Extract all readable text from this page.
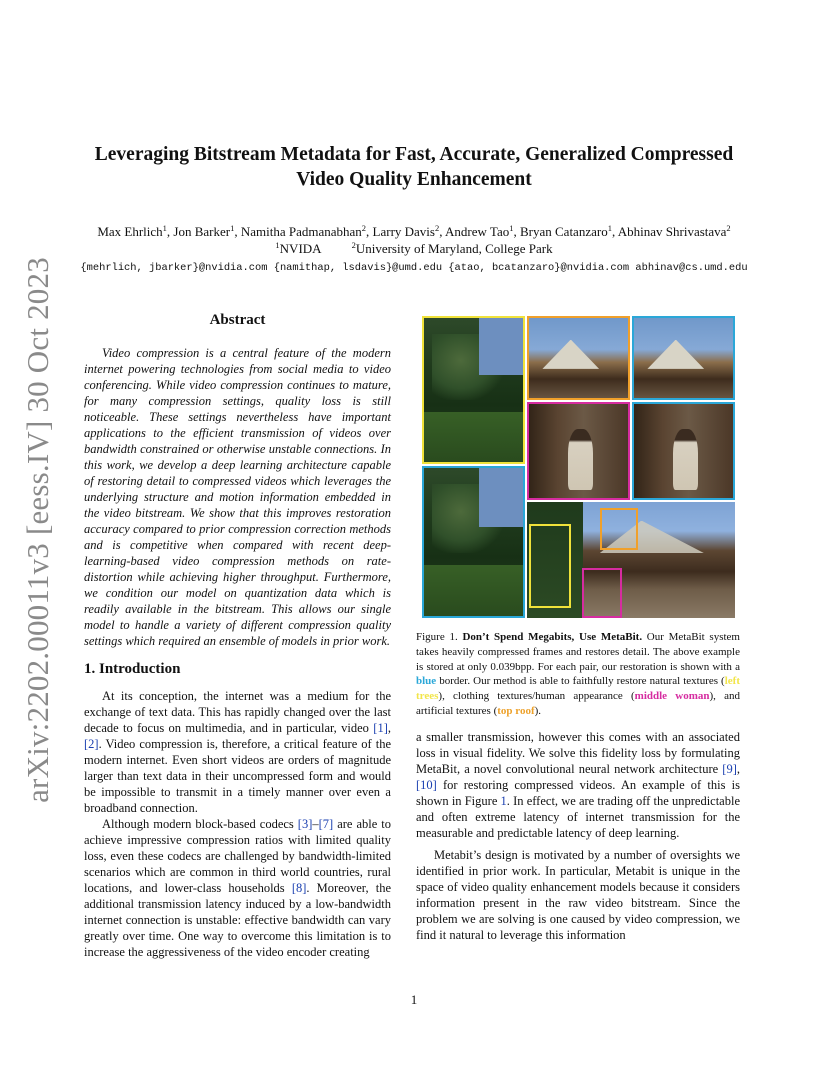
arXiv:2202.00011v3 [eess.IV] 30 Oct 2023
Leveraging Bitstream Metadata for Fast, Accurate, Generalized Compressed
Video Quality Enhancement
Max Ehrlich$^1$, Jon Barker$^1$, Namitha Padmanabhan$^2$, Larry Davis$^2$, Andrew Tao$^1$, Bryan Catanzaro$^1$, Abhinav Shrivastava$^2$
$^1$NVIDA	$^2$University of Maryland, College Park
{mehrlich, jbarker}@nvidia.com {namithap, lsdavis}@umd.edu {atao, bcatanzaro}@nvidia.com abhinav@cs.umd.edu
Abstract

Video compression is a central feature of the modern internet powering technologies from social media to video conferencing. While video compression continues to mature, for many compression settings, quality loss is still noticeable. These settings nevertheless have important applications to the efficient transmission of videos over bandwidth constrained or otherwise unstable connections. In this work, we develop a deep learning architecture capable of restoring detail to compressed videos which leverages the underlying structure and motion information embedded in the video bitstream. We show that this improves restoration accuracy compared to prior compression correction methods and is competitive when compared with recent deep-learning-based video compression methods on rate-distortion while achieving higher throughput. Furthermore, we condition our model on quantization data which is readily available in the bitstream. This allows our single model to handle a variety of different compression quality settings which required an ensemble of models in prior work.

1. Introduction

At its conception, the internet was a medium for the exchange of text data. This has rapidly changed over the last decade to focus on multimedia, and in particular, video [1], [2]. Video compression is, therefore, a critical feature of the modern internet. Even short videos are orders of magnitude larger than text data in their uncompressed form and would be impossible to transmit in a timely manner over even a broadband connection.

Although modern block-based codecs [3]–[7] are able to achieve impressive compression ratios with limited quality loss, even these codecs are challenged by bandwidth-limited scenarios which are common in third world countries, rural locations, and lower-class households [8]. Moreover, the additional transmission latency induced by a low-bandwidth internet connection is unstable: effective bandwidth can vary greatly over time. One way to overcome this limitation is to increase the aggressiveness of the video encoder creating

Figure 1. Don’t Spend Megabits, Use MetaBit. Our MetaBit system takes heavily compressed frames and restores detail. The above example is stored at only 0.039bpp. For each pair, our restoration is shown with a blue border. Our method is able to faithfully restore natural textures (left trees), clothing textures/human appearance (middle woman), and artificial textures (top roof).

a smaller transmission, however this comes with an associated loss in visual fidelity. We solve this fidelity loss by formulating MetaBit, a novel convolutional neural network architecture [9], [10] for restoring compressed videos. An example of this is shown in Figure 1. In effect, we are trading off the unpredictable and often extreme latency of internet transmission for the measurable and predictable latency of deep learning.

Metabit’s design is motivated by a number of oversights we identified in prior work. In particular, Metabit is unique in the space of video quality enhancement models because it considers information present in the raw video bitstream. Since the problem we are solving is one caused by video compression, we find it natural to leverage this information

1
